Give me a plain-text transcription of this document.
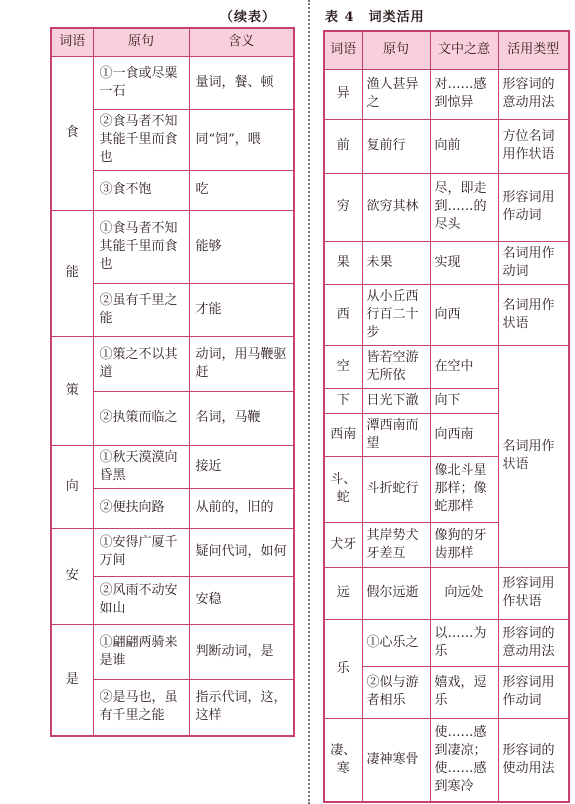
（续表）	表 4　词类活用
词语	原句	含义
食	①一食或尽粟一石	量词，餐、顿
	②食马者不知其能千里而食也	同“饲”，喂
	③食不饱	吃
能	①食马者不知其能千里而食也	能够
	②虽有千里之能	才能
策	①策之不以其道	动词，用马鞭驱赶
	②执策而临之	名词，马鞭
向	①秋天漠漠向昏黑	接近
	②便扶向路	从前的，旧的
安	①安得广厦千万间	疑问代词，如何
	②风雨不动安如山	安稳
是	①翩翩两骑来是谁	判断动词，是
	②是马也，虽有千里之能	指示代词，这，这样
词语	原句	文中之意	活用类型
异	渔人甚异之	对……感到惊异	形容词的意动用法
前	复前行	向前	方位名词用作状语
穷	欲穷其林	尽，即走到……的尽头	形容词用作动词
果	未果	实现	名词用作动词
西	从小丘西行百二十步	向西	名词用作状语
空	皆若空游无所依	在空中	名词用作状语
下	日光下澈	向下	
西南	潭西南而望	向西南	
斗、蛇	斗折蛇行	像北斗星那样；像蛇那样	
犬牙	其岸势犬牙差互	像狗的牙齿那样	
远	假尔远逝	向远处	形容词用作状语
乐	①心乐之	以……为乐	形容词的意动用法
	②似与游者相乐	嬉戏，逗乐	形容词用作动词
凄、寒	凄神寒骨	使……感到凄凉；使……感到寒冷	形容词的使动用法
